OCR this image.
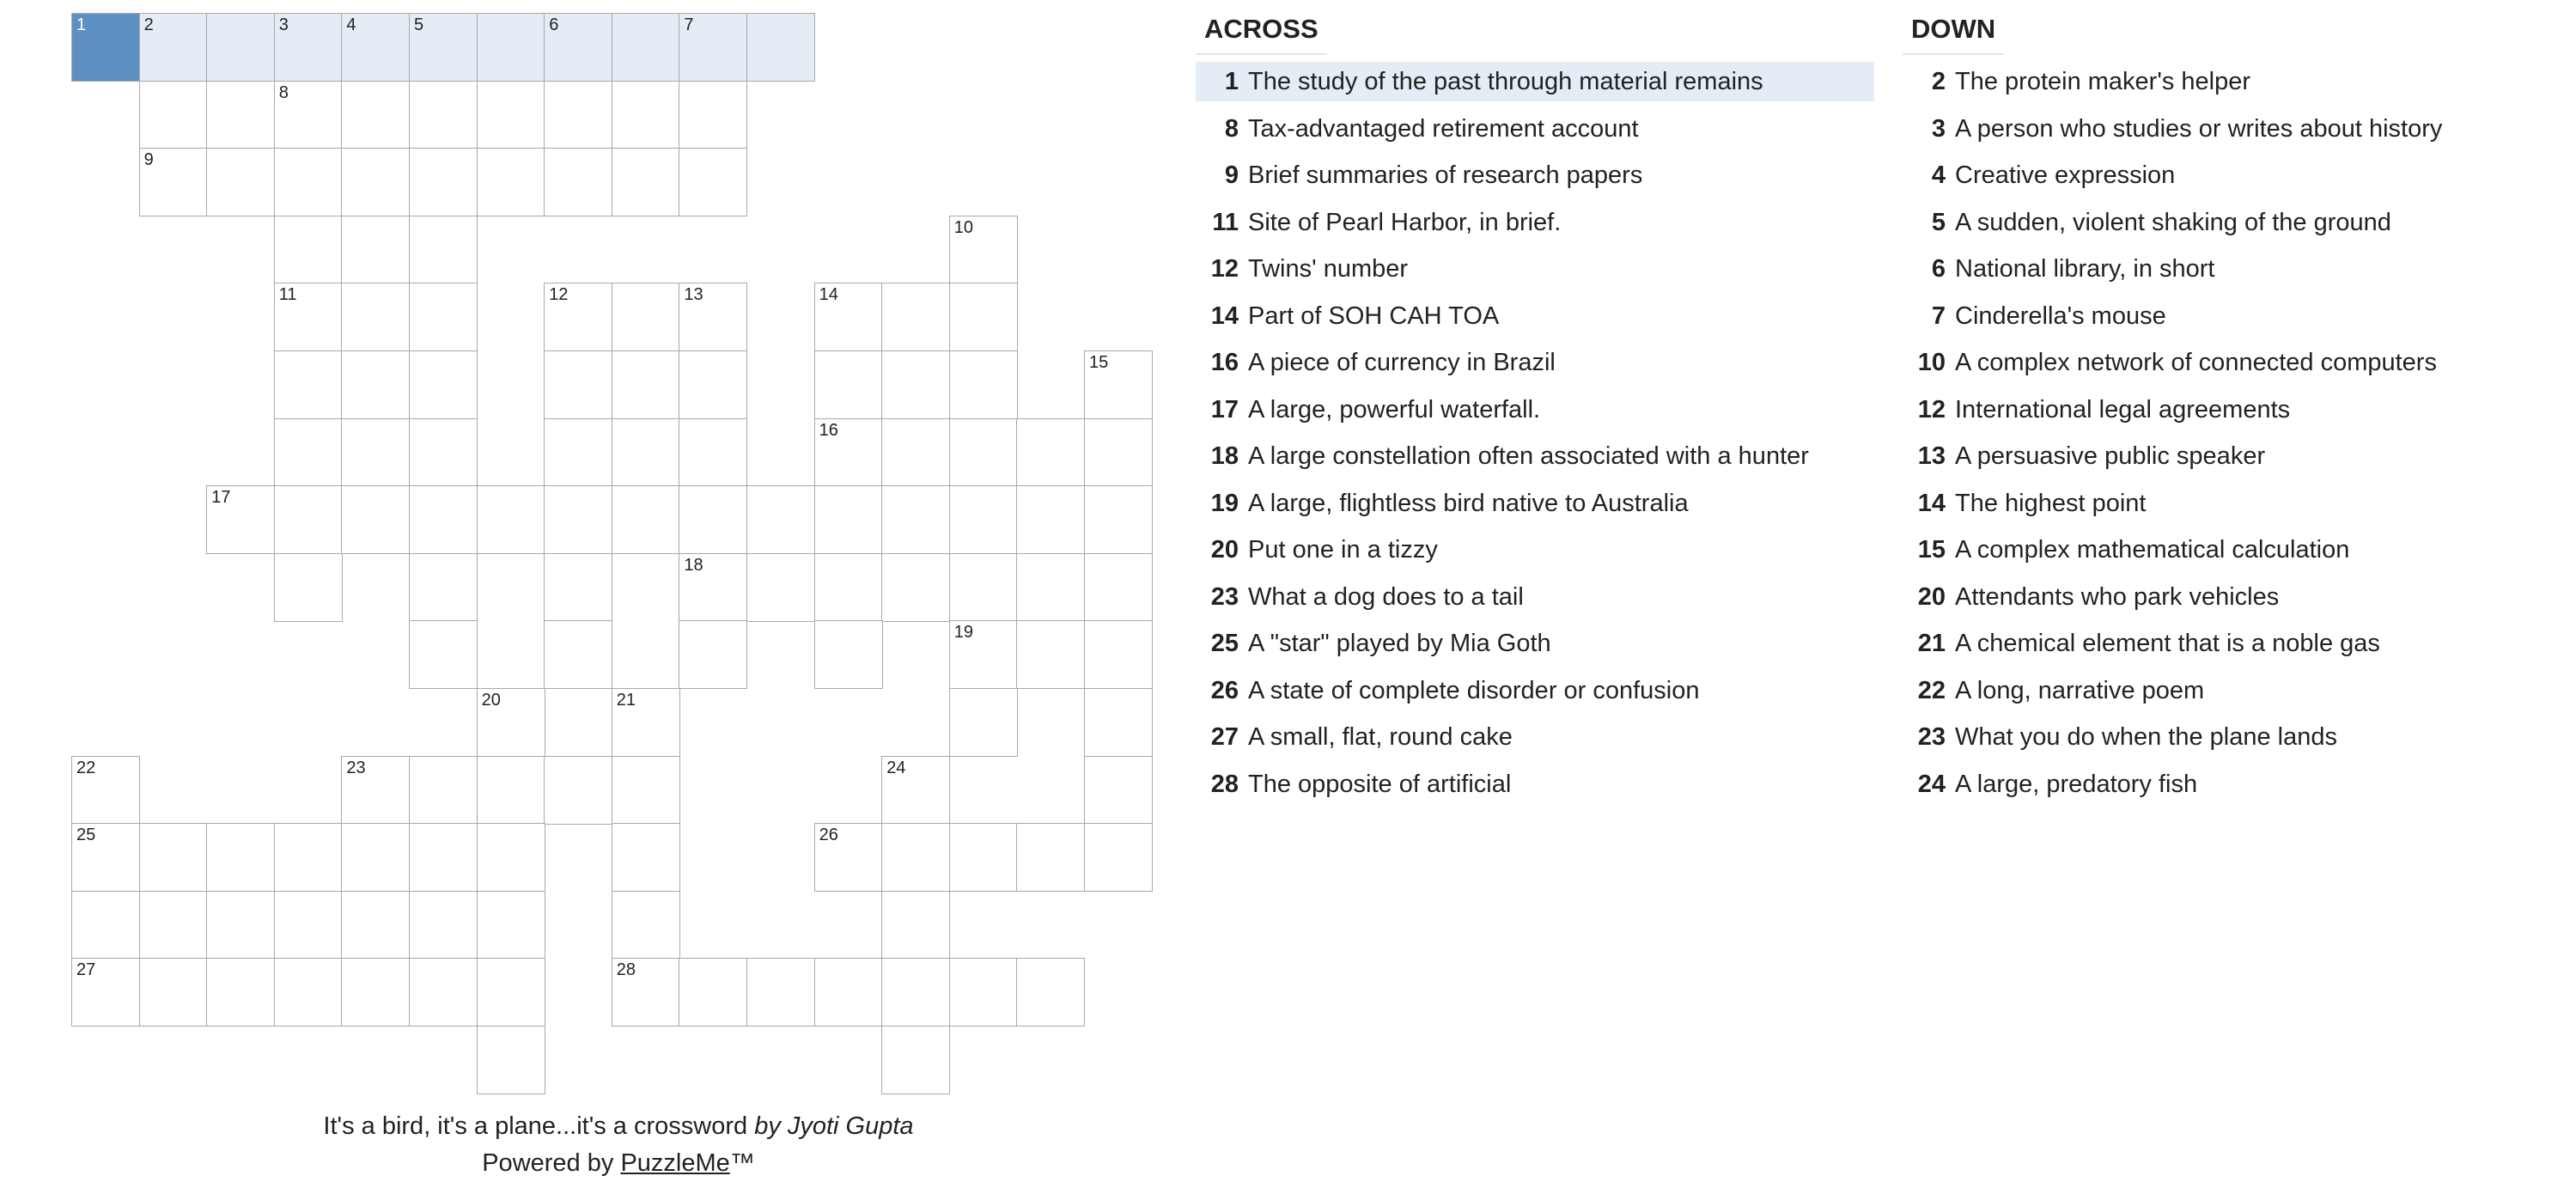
1	2	3	4	5	6	7
8
9
10
11	12	13	14
15
16
17
18
19
20	21
22	23	24
25	26
27	28
ACROSS
1 The study of the past through material remains
8 Tax-advantaged retirement account
9 Brief summaries of research papers
11 Site of Pearl Harbor, in brief.
12 Twins' number
14 Part of SOH CAH TOA
16 A piece of currency in Brazil
17 A large, powerful waterfall.
18 A large constellation often associated with a hunter
19 A large, flightless bird native to Australia
20 Put one in a tizzy
23 What a dog does to a tail
25 A "star" played by Mia Goth
26 A state of complete disorder or confusion
27 A small, flat, round cake
28 The opposite of artificial
DOWN
2 The protein maker's helper
3 A person who studies or writes about history
4 Creative expression
5 A sudden, violent shaking of the ground
6 National library, in short
7 Cinderella's mouse
10 A complex network of connected computers
12 International legal agreements
13 A persuasive public speaker
14 The highest point
15 A complex mathematical calculation
20 Attendants who park vehicles
21 A chemical element that is a noble gas
22 A long, narrative poem
23 What you do when the plane lands
24 A large, predatory fish
It's a bird, it's a plane...it's a crossword by Jyoti Gupta
Powered by PuzzleMe™
